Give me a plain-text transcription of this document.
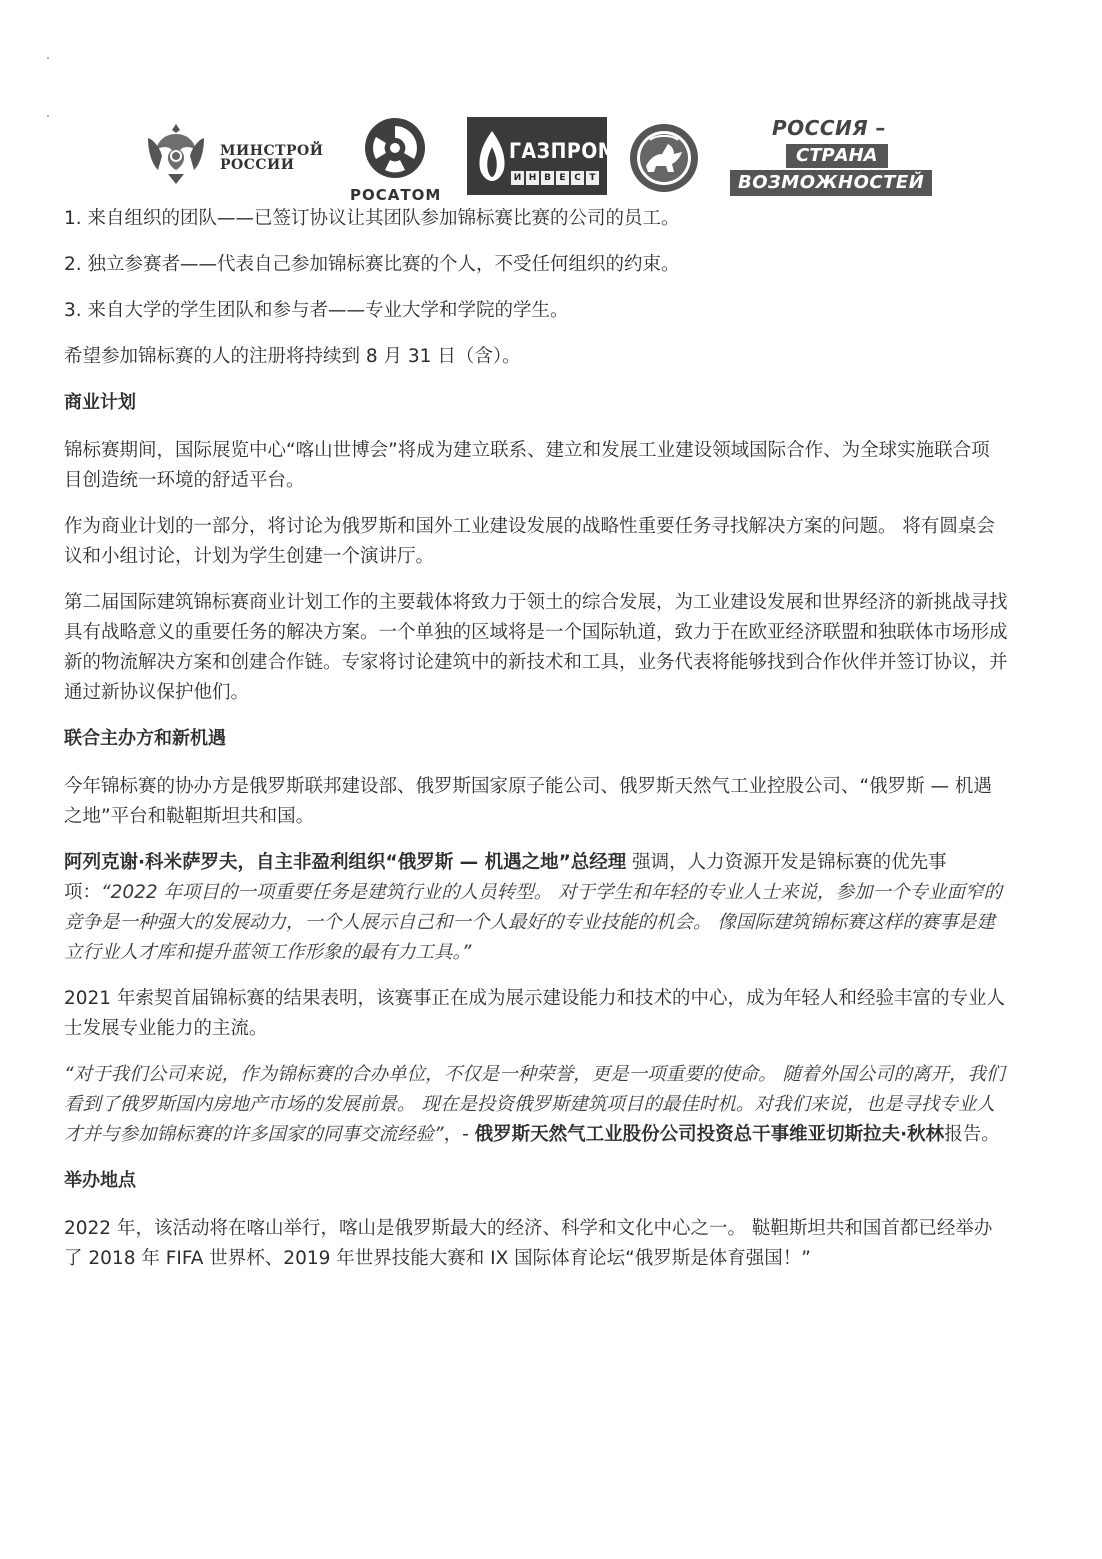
МИНСТРОЙ
РОССИИ
РОСАТОМ
ГАЗПРОМ
И Н В Е С Т
РОССИЯ –
СТРАНА
ВОЗМОЖНОСТЕЙ

1. 来自组织的团队——已签订协议让其团队参加锦标赛比赛的公司的员工。

2. 独立参赛者——代表自己参加锦标赛比赛的个人，不受任何组织的约束。

3. 来自大学的学生团队和参与者——专业大学和学院的学生。

希望参加锦标赛的人的注册将持续到 8 月 31 日（含）。

商业计划

锦标赛期间，国际展览中心“喀山世博会”将成为建立联系、建立和发展工业建设领域国际合作、为全球实施联合项目创造统一环境的舒适平台。

作为商业计划的一部分，将讨论为俄罗斯和国外工业建设发展的战略性重要任务寻找解决方案的问题。 将有圆桌会议和小组讨论，计划为学生创建一个演讲厅。

第二届国际建筑锦标赛商业计划工作的主要载体将致力于领土的综合发展，为工业建设发展和世界经济的新挑战寻找具有战略意义的重要任务的解决方案。一个单独的区域将是一个国际轨道，致力于在欧亚经济联盟和独联体市场形成新的物流解决方案和创建合作链。专家将讨论建筑中的新技术和工具，业务代表将能够找到合作伙伴并签订协议，并通过新协议保护他们。

联合主办方和新机遇

今年锦标赛的协办方是俄罗斯联邦建设部、俄罗斯国家原子能公司、俄罗斯天然气工业控股公司、“俄罗斯 — 机遇之地”平台和鞑靼斯坦共和国。

阿列克谢·科米萨罗夫，自主非盈利组织“俄罗斯 — 机遇之地”总经理 强调，人力资源开发是锦标赛的优先事项：“2022 年项目的一项重要任务是建筑行业的人员转型。 对于学生和年轻的专业人士来说，参加一个专业面窄的竞争是一种强大的发展动力，一个人展示自己和一个人最好的专业技能的机会。 像国际建筑锦标赛这样的赛事是建立行业人才库和提升蓝领工作形象的最有力工具。”

2021 年索契首届锦标赛的结果表明，该赛事正在成为展示建设能力和技术的中心，成为年轻人和经验丰富的专业人士发展专业能力的主流。

“对于我们公司来说，作为锦标赛的合办单位，不仅是一种荣誉，更是一项重要的使命。 随着外国公司的离开，我们看到了俄罗斯国内房地产市场的发展前景。 现在是投资俄罗斯建筑项目的最佳时机。对我们来说，也是寻找专业人才并与参加锦标赛的许多国家的同事交流经验”，- 俄罗斯天然气工业股份公司投资总干事维亚切斯拉夫·秋林报告。

举办地点

2022 年，该活动将在喀山举行，喀山是俄罗斯最大的经济、科学和文化中心之一。 鞑靼斯坦共和国首都已经举办了 2018 年 FIFA 世界杯、2019 年世界技能大赛和 IX 国际体育论坛“俄罗斯是体育强国！”
